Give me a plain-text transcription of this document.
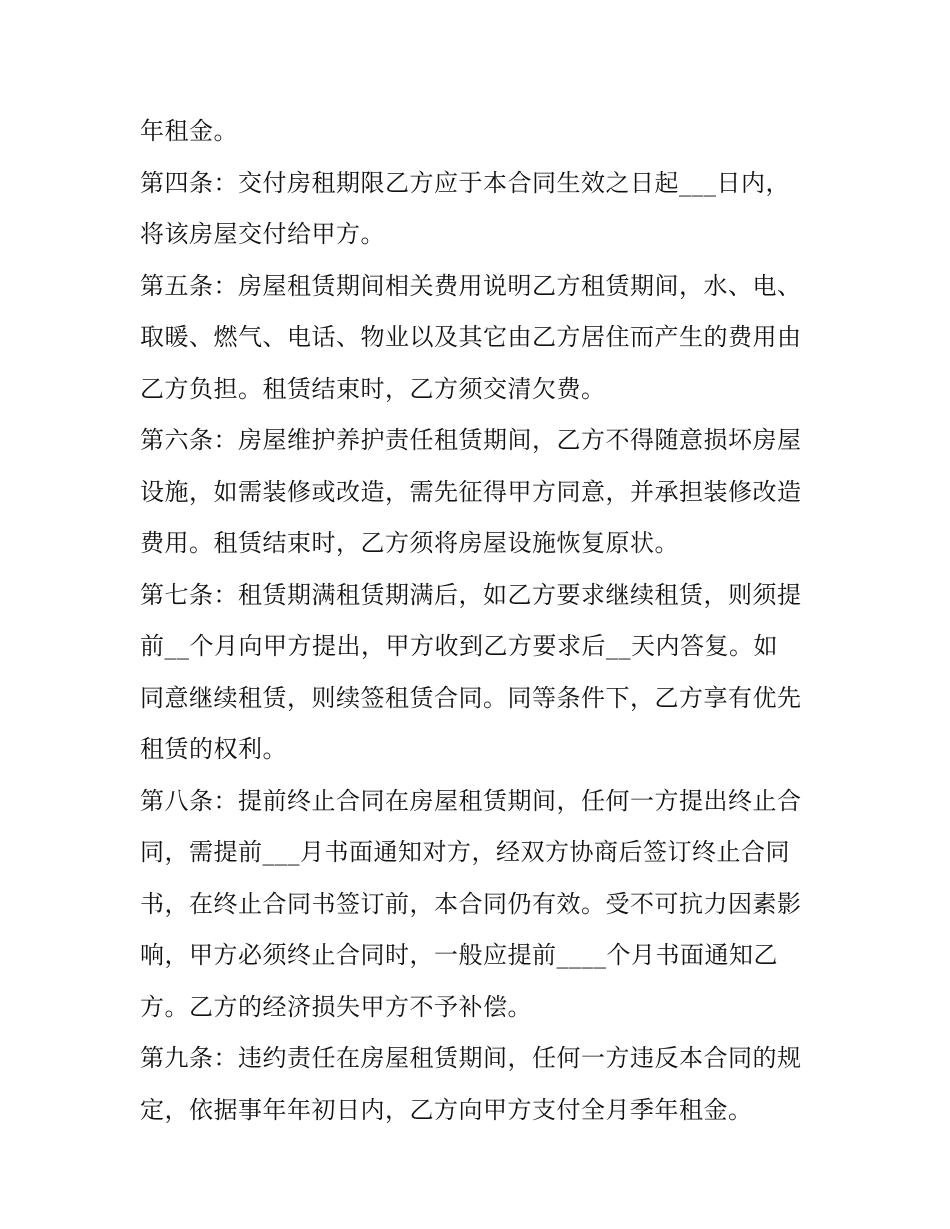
年租金。
第四条：交付房租期限乙方应于本合同生效之日起___日内，
将该房屋交付给甲方。
第五条：房屋租赁期间相关费用说明乙方租赁期间，水、电、
取暖、燃气、电话、物业以及其它由乙方居住而产生的费用由
乙方负担。租赁结束时，乙方须交清欠费。
第六条：房屋维护养护责任租赁期间，乙方不得随意损坏房屋
设施，如需装修或改造，需先征得甲方同意，并承担装修改造
费用。租赁结束时，乙方须将房屋设施恢复原状。
第七条：租赁期满租赁期满后，如乙方要求继续租赁，则须提
前__个月向甲方提出，甲方收到乙方要求后__天内答复。如
同意继续租赁，则续签租赁合同。同等条件下，乙方享有优先
租赁的权利。
第八条：提前终止合同在房屋租赁期间，任何一方提出终止合
同，需提前___月书面通知对方，经双方协商后签订终止合同
书，在终止合同书签订前，本合同仍有效。受不可抗力因素影
响，甲方必须终止合同时，一般应提前____个月书面通知乙
方。乙方的经济损失甲方不予补偿。
第九条：违约责任在房屋租赁期间，任何一方违反本合同的规
定，依据事年年初日内，乙方向甲方支付全月季年租金。
